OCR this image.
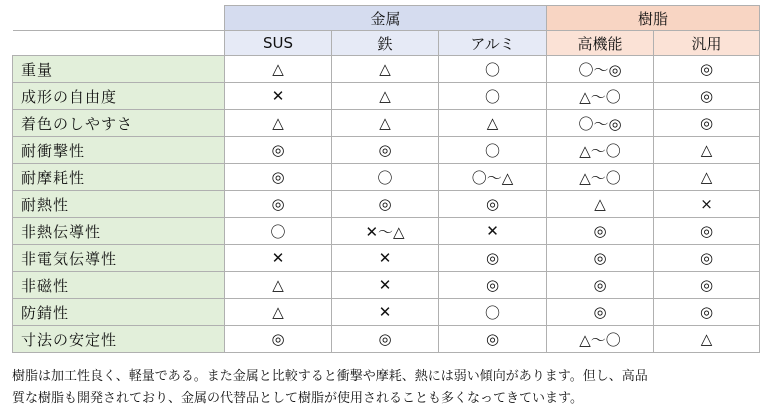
	金属			樹脂	
	SUS	鉄	アルミ	高機能	汎用
重量	△	△	〇	〇～◎	◎
成形の自由度	✕	△	〇	△～〇	◎
着色のしやすさ	△	△	△	〇～◎	◎
耐衝撃性	◎	◎	〇	△～〇	△
耐摩耗性	◎	〇	〇～△	△～〇	△
耐熱性	◎	◎	◎	△	×
非熱伝導性	〇	✕～△	✕	◎	◎
非電気伝導性	✕	✕	◎	◎	◎
非磁性	△	✕	◎	◎	◎
防錆性	△	✕	〇	◎	◎
寸法の安定性	◎	◎	◎	△～〇	△
樹脂は加工性良く、軽量である。また金属と比較すると衝撃や摩耗、熱には弱い傾向があります。但し、高品
質な樹脂も開発されており、金属の代替品として樹脂が使用されることも多くなってきています。
